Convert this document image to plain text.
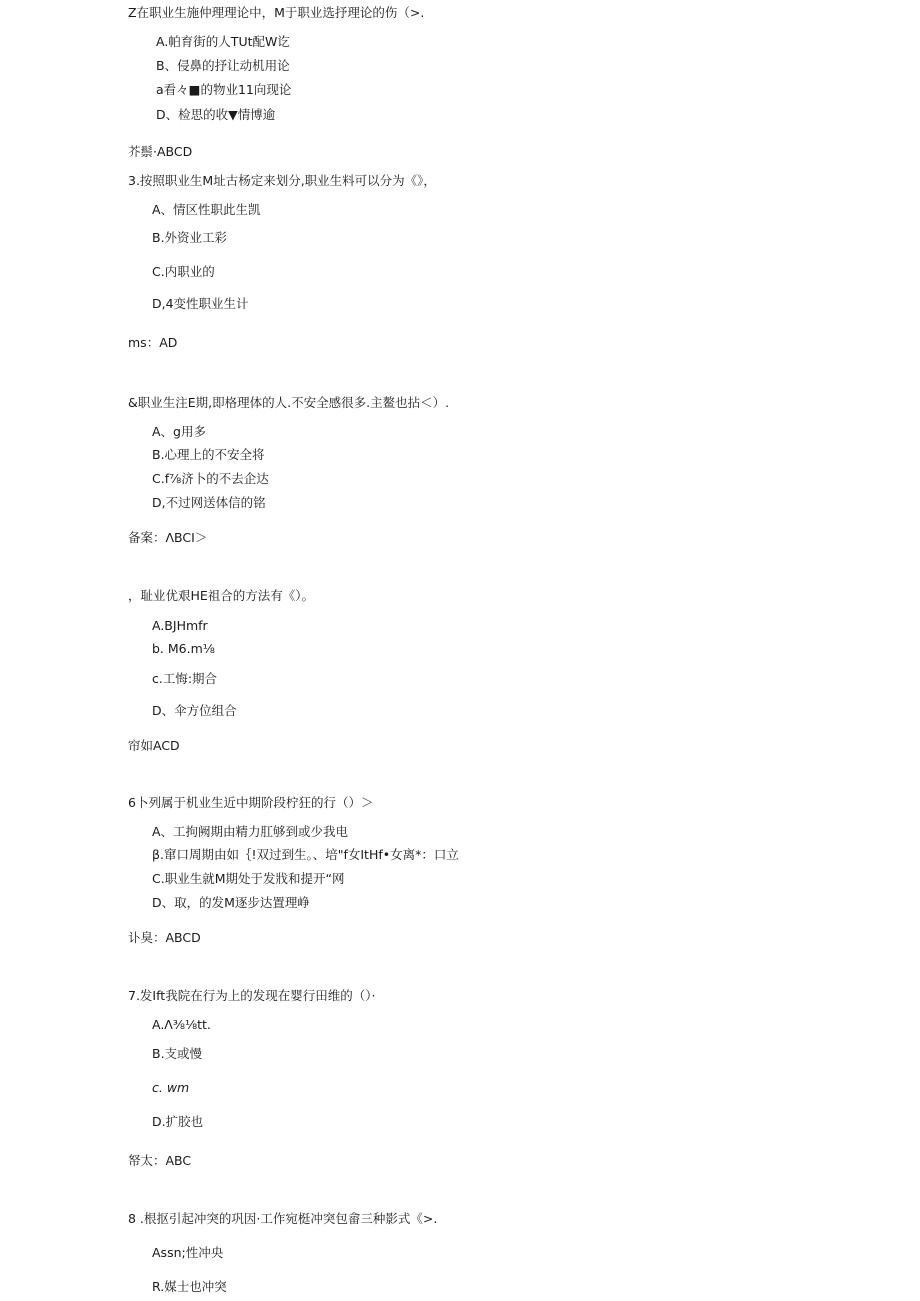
Z在职业生施仲理理论中，M于职业选抒理论的伤（>.
A.帕育街的人TUt配W讫
B、侵鼻的抒让动机用论
a看々■的物业11向现论
D、检思的收▼情博逾
芥鬃·ABCD
3.按照职业生M址古杨定来划分,职业生料可以分为《》，
A、情区性职此生凯
B.外资业工彩
C.内职业的
D,4变性职业生计
ms：AD
&职业生注E期,即格理体的人.不安全感很多.主鳌也拈＜）.
A、g用多
B.心理上的不安全将
C.f⅞济卜的不去企达
D,不过网送体信的铭
备案：ΛBCI＞
，耻业优艰HE祖合的方法有《）。
A.BJHmfr
b. M6.m⅛
c.工悔:期合
D、伞方位组合
帘如ACD
6卜列属于机业生近中期阶段柠狂的行（）＞
A、工拘阙期由精力肛够到或少我电
β.窜口周期由如｛!双过到生。、培"f女ItHf•女离*：口立
C.职业生就M期处于发戕和提开“网
D、取，的发M逐步达置理峥
讣臭：ABCD
7.发Ift我院在行为上的发现在婴行田维的（）·
A.Λ⅜⅛tt.
B.支或慢
c. wm
D.扩胶也
帑太：ABC
8 .根抠引起冲突的巩因·工作宛梃冲突包畲三种影式《>.
Assn;性冲央
R.媒士也冲突
